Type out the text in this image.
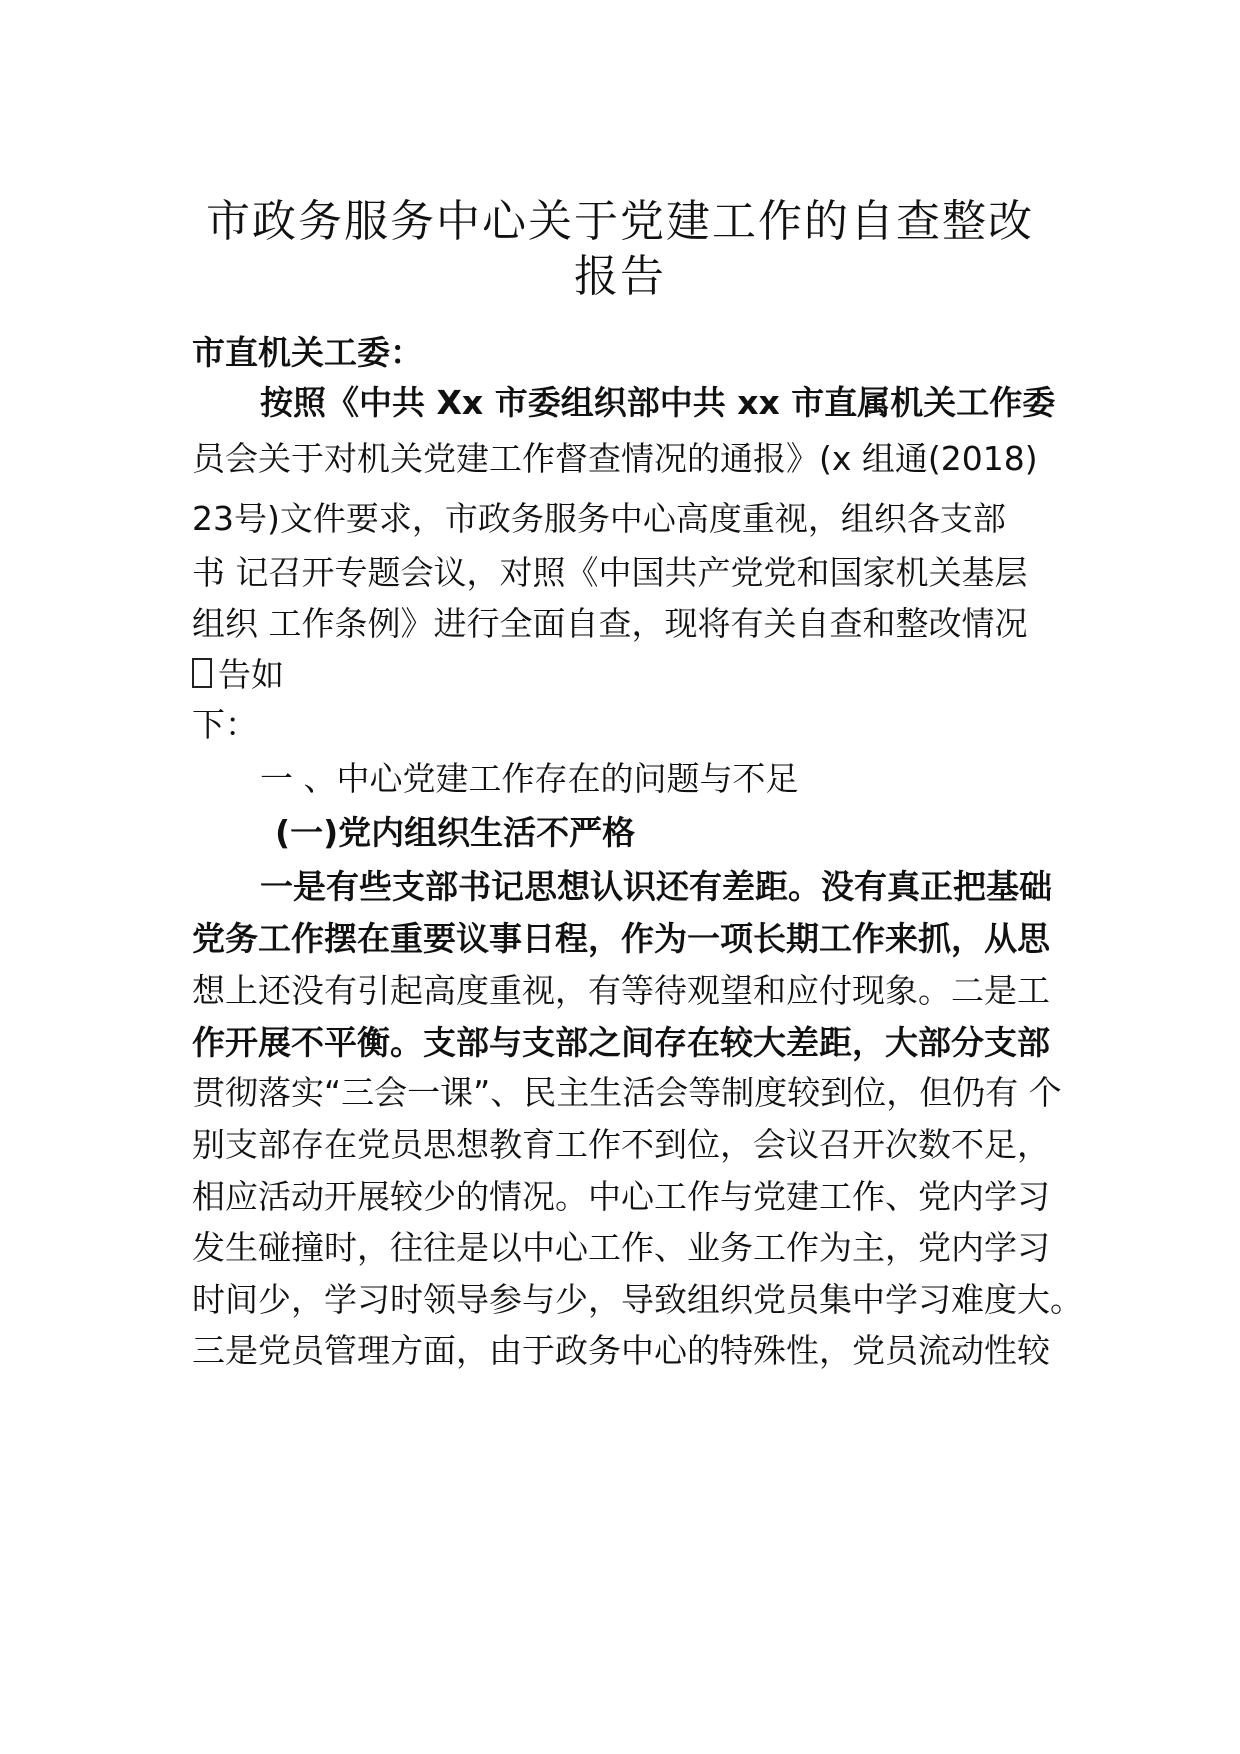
市政务服务中心关于党建工作的自查整改
报告
市直机关工委：
按照《中共 Xx 市委组织部中共 xx 市直属机关工作委
员会关于对机关党建工作督查情况的通报》(x 组通(2018)
23号)文件要求，市政务服务中心高度重视，组织各支部
书 记召开专题会议，对照《中国共产党党和国家机关基层
组织 工作条例》进行全面自查，现将有关自查和整改情况
告如
下：
一 、中心党建工作存在的问题与不足
(一)党内组织生活不严格
一是有些支部书记思想认识还有差距。没有真正把基础
党务工作摆在重要议事日程，作为一项长期工作来抓，从思
想上还没有引起高度重视，有等待观望和应付现象。二是工
作开展不平衡。支部与支部之间存在较大差距，大部分支部
贯彻落实“三会一课”、民主生活会等制度较到位，但仍有 个
别支部存在党员思想教育工作不到位，会议召开次数不足，
相应活动开展较少的情况。中心工作与党建工作、党内学习
发生碰撞时，往往是以中心工作、业务工作为主，党内学习
时间少，学习时领导参与少，导致组织党员集中学习难度大。
三是党员管理方面，由于政务中心的特殊性，党员流动性较
